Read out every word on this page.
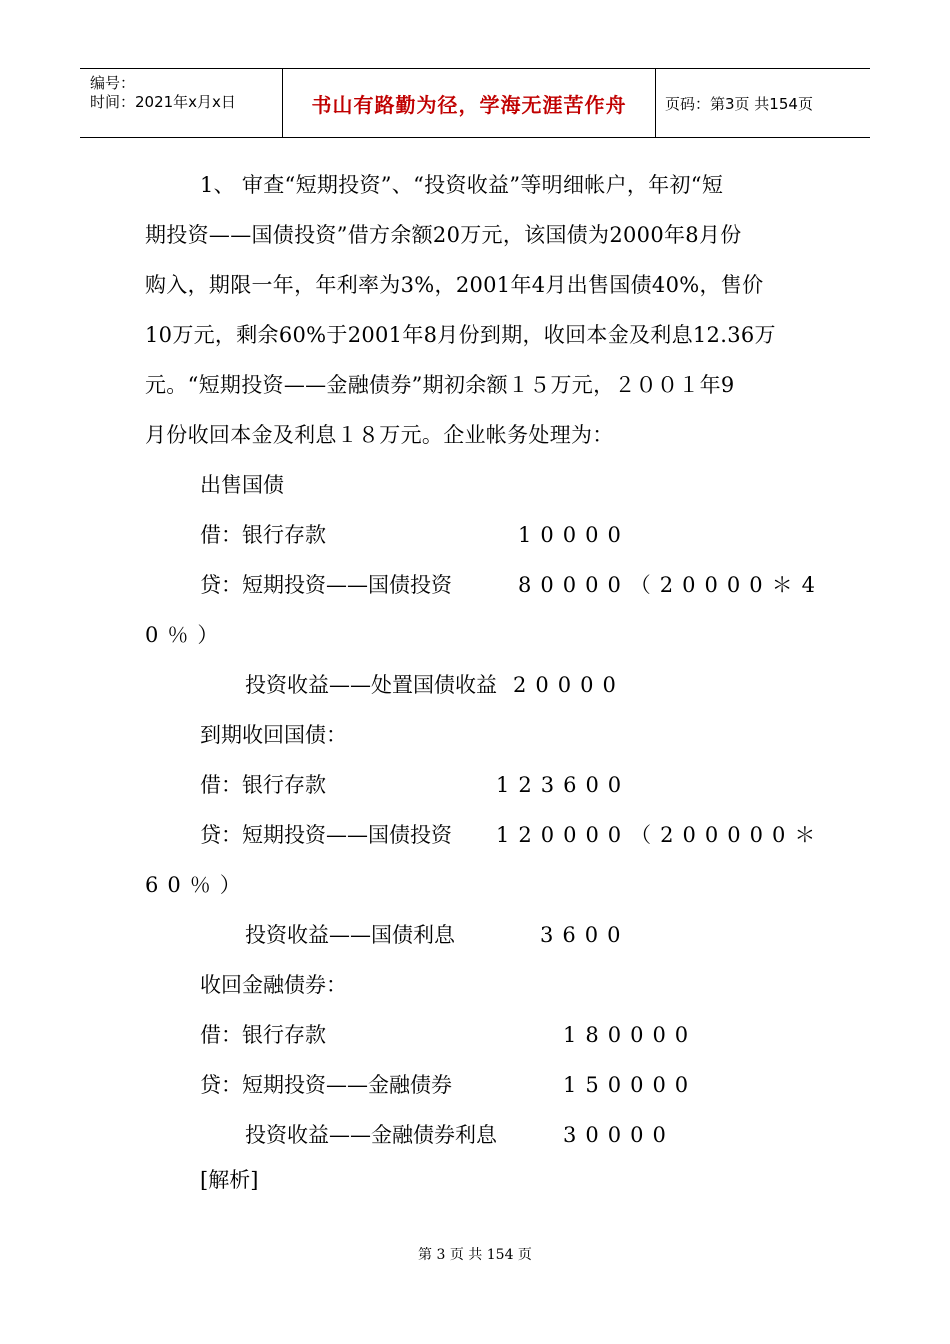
编号：
时间：2021年x月x日	书山有路勤为径，学海无涯苦作舟	页码：第3页 共154页
1、 审查“短期投资”、“投资收益”等明细帐户，年初“短
期投资——国债投资”借方余额20万元，该国债为2000年8月份
购入，期限一年，年利率为3%，2001年4月出售国债40%，售价
10万元，剩余60%于2001年8月份到期，收回本金及利息12.36万
元。“短期投资——金融债券”期初余额１５万元，２００１年9
月份收回本金及利息１８万元。企业帐务处理为：
出售国债
借：银行存款	10000
贷：短期投资——国债投资	80000（20000＊4
0％）
投资收益——处置国债收益 20000
到期收回国债：
借：银行存款	123600
贷：短期投资——国债投资 120000（200000＊
60％）
投资收益——国债利息	3600
收回金融债券：
借：银行存款	180000
贷：短期投资——金融债券	150000
投资收益——金融债券利息	30000
[解析]
第 3 页 共 154 页
